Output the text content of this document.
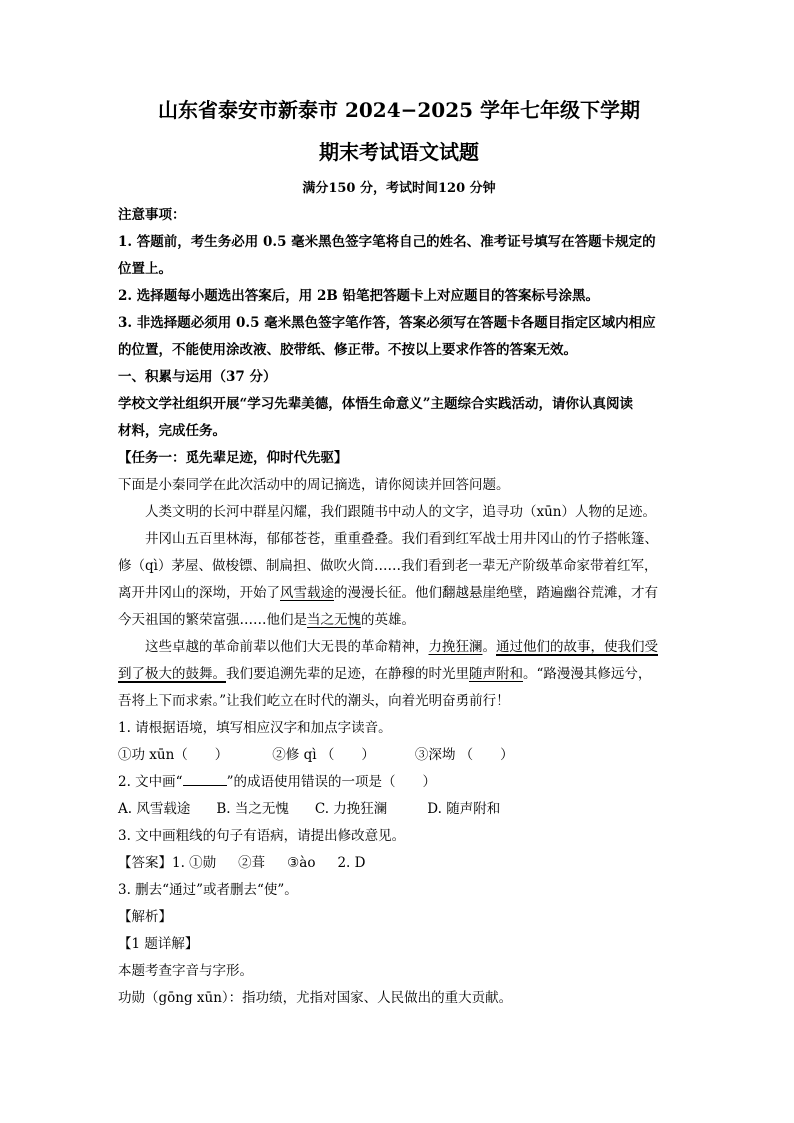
山东省泰安市新泰市 2024−2025 学年七年级下学期
期末考试语文试题
满分150 分，考试时间120 分钟
注意事项：
1. 答题前，考生务必用 0.5 毫米黑色签字笔将自己的姓名、准考证号填写在答题卡规定的
位置上。
2. 选择题每小题选出答案后，用 2B 铅笔把答题卡上对应题目的答案标号涂黑。
3. 非选择题必须用 0.5 毫米黑色签字笔作答，答案必须写在答题卡各题目指定区域内相应
的位置，不能使用涂改液、胶带纸、修正带。不按以上要求作答的答案无效。
一、积累与运用（37 分）
学校文学社组织开展“学习先辈美德，体悟生命意义”主题综合实践活动，请你认真阅读
材料，完成任务。
【任务一：觅先辈足迹，仰时代先驱】
下面是小秦同学在此次活动中的周记摘选，请你阅读并回答问题。
人类文明的长河中群星闪耀，我们跟随书中动人的文字，追寻功（xūn）人物的足迹。
井冈山五百里林海，郁郁苍苍，重重叠叠。我们看到红军战士用井冈山的竹子搭帐篷、
修（qì）茅屋、做梭镖、制扁担、做吹火筒……我们看到老一辈无产阶级革命家带着红军，
离开井冈山的深坳，开始了风雪载途的漫漫长征。他们翻越悬崖绝壁，踏遍幽谷荒滩，才有
今天祖国的繁荣富强……他们是当之无愧的英雄。
这些卓越的革命前辈以他们大无畏的革命精神，力挽狂澜。通过他们的故事，使我们受
到了极大的鼓舞。我们要追溯先辈的足迹，在静穆的时光里随声附和。“路漫漫其修远兮，
吾将上下而求索。”让我们屹立在时代的潮头，向着光明奋勇前行！
1. 请根据语境，填写相应汉字和加点字读音。
①功 xūn（　　）	②修 qì （　　）	③深坳 （　　）
2. 文中画“	”的成语使用错误的一项是（　　）
A. 风雪载途 B. 当之无愧 C. 力挽狂澜	D. 随声附和
3. 文中画粗线的句子有语病，请提出修改意见。
【答案】1. ①勋 ②葺 ③ào 2. D
3. 删去“通过”或者删去“使”。
【解析】
【1 题详解】
本题考查字音与字形。
功勋（gōng xūn）：指功绩，尤指对国家、人民做出的重大贡献。
